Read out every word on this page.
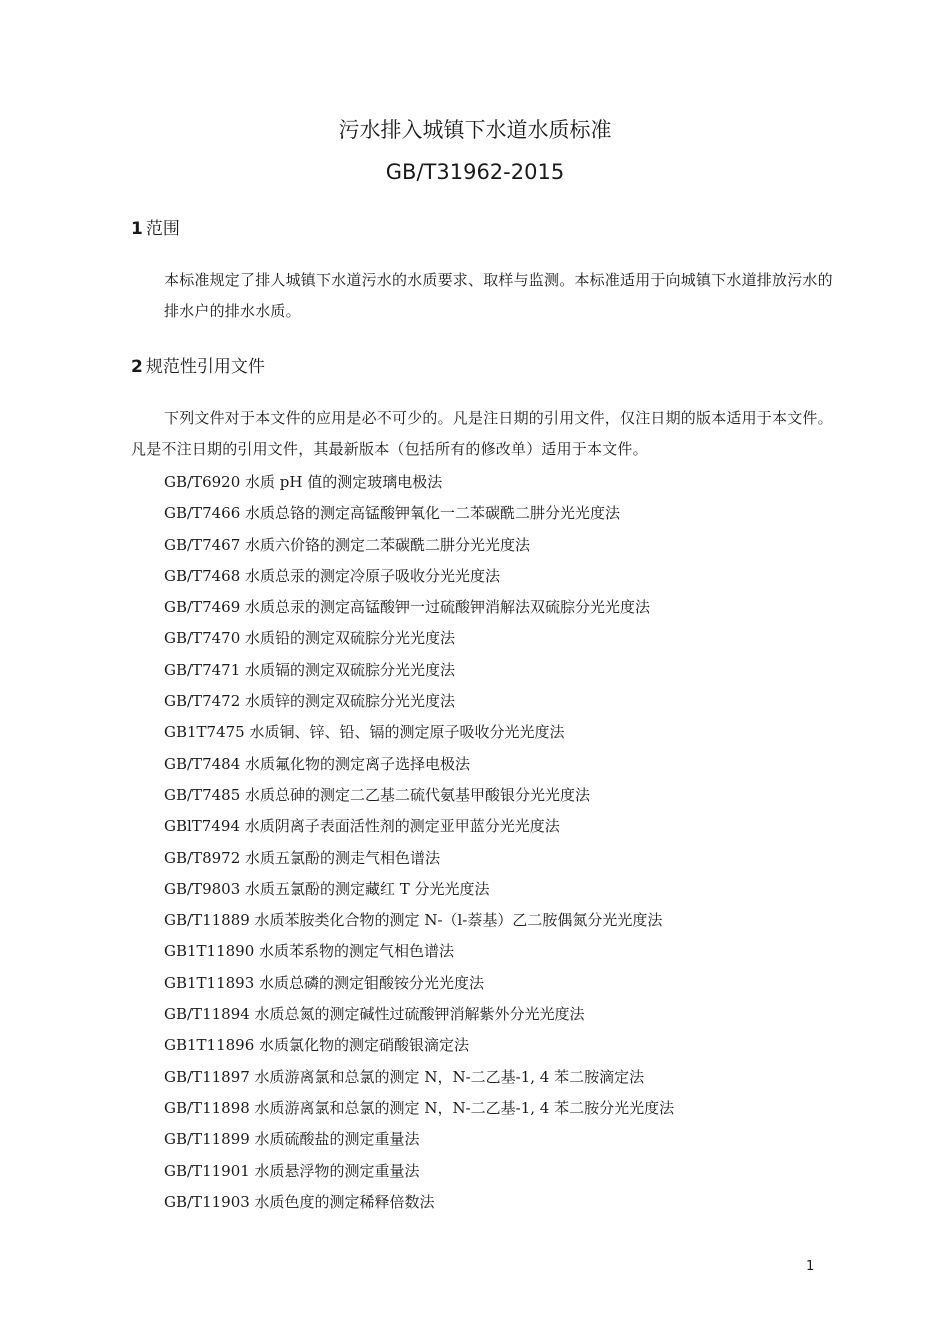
污水排入城镇下水道水质标准
GB/T31962-2015
1 范围

本标准规定了排人城镇下水道污水的水质要求、取样与监测。本标准适用于向城镇下水道排放污水的排水户的排水水质。

2 规范性引用文件

下列文件对于本文件的应用是必不可少的。凡是注日期的引用文件，仅注日期的版本适用于本文件。凡是不注日期的引用文件，其最新版本（包括所有的修改单）适用于本文件。

GB/T6920 水质 pH 值的测定玻璃电极法
GB/T7466 水质总铬的测定高锰酸钾氧化一二苯碳酰二肼分光光度法
GB/T7467 水质六价铬的测定二苯碳酰二肼分光光度法
GB/T7468 水质总汞的测定冷原子吸收分光光度法
GB/T7469 水质总汞的测定高锰酸钾一过硫酸钾消解法双硫腙分光光度法
GB/T7470 水质铅的测定双硫腙分光光度法
GB/T7471 水质镉的测定双硫腙分光光度法
GB/T7472 水质锌的测定双硫腙分光光度法
GB1T7475 水质铜、锌、铅、镉的测定原子吸收分光光度法
GB/T7484 水质氟化物的测定离子选择电极法
GB/T7485 水质总砷的测定二乙基二硫代氨基甲酸银分光光度法
GBlT7494 水质阴离子表面活性剂的测定亚甲蓝分光光度法
GB/T8972 水质五氯酚的测走气相色谱法
GB/T9803 水质五氯酚的测定藏红 T 分光光度法
GB/T11889 水质苯胺类化合物的测定 N-（l-萘基）乙二胺偶氮分光光度法
GB1T11890 水质苯系物的测定气相色谱法
GB1T11893 水质总磷的测定钼酸铵分光光度法
GB/T11894 水质总氮的测定碱性过硫酸钾消解紫外分光光度法
GB1T11896 水质氯化物的测定硝酸银滴定法
GB/T11897 水质游离氯和总氯的测定 N，N-二乙基-1, 4 苯二胺滴定法
GB/T11898 水质游离氯和总氯的测定 N，N-二乙基-1, 4 苯二胺分光光度法
GB/T11899 水质硫酸盐的测定重量法
GB/T11901 水质悬浮物的测定重量法
GB/T11903 水质色度的测定稀释倍数法
1
